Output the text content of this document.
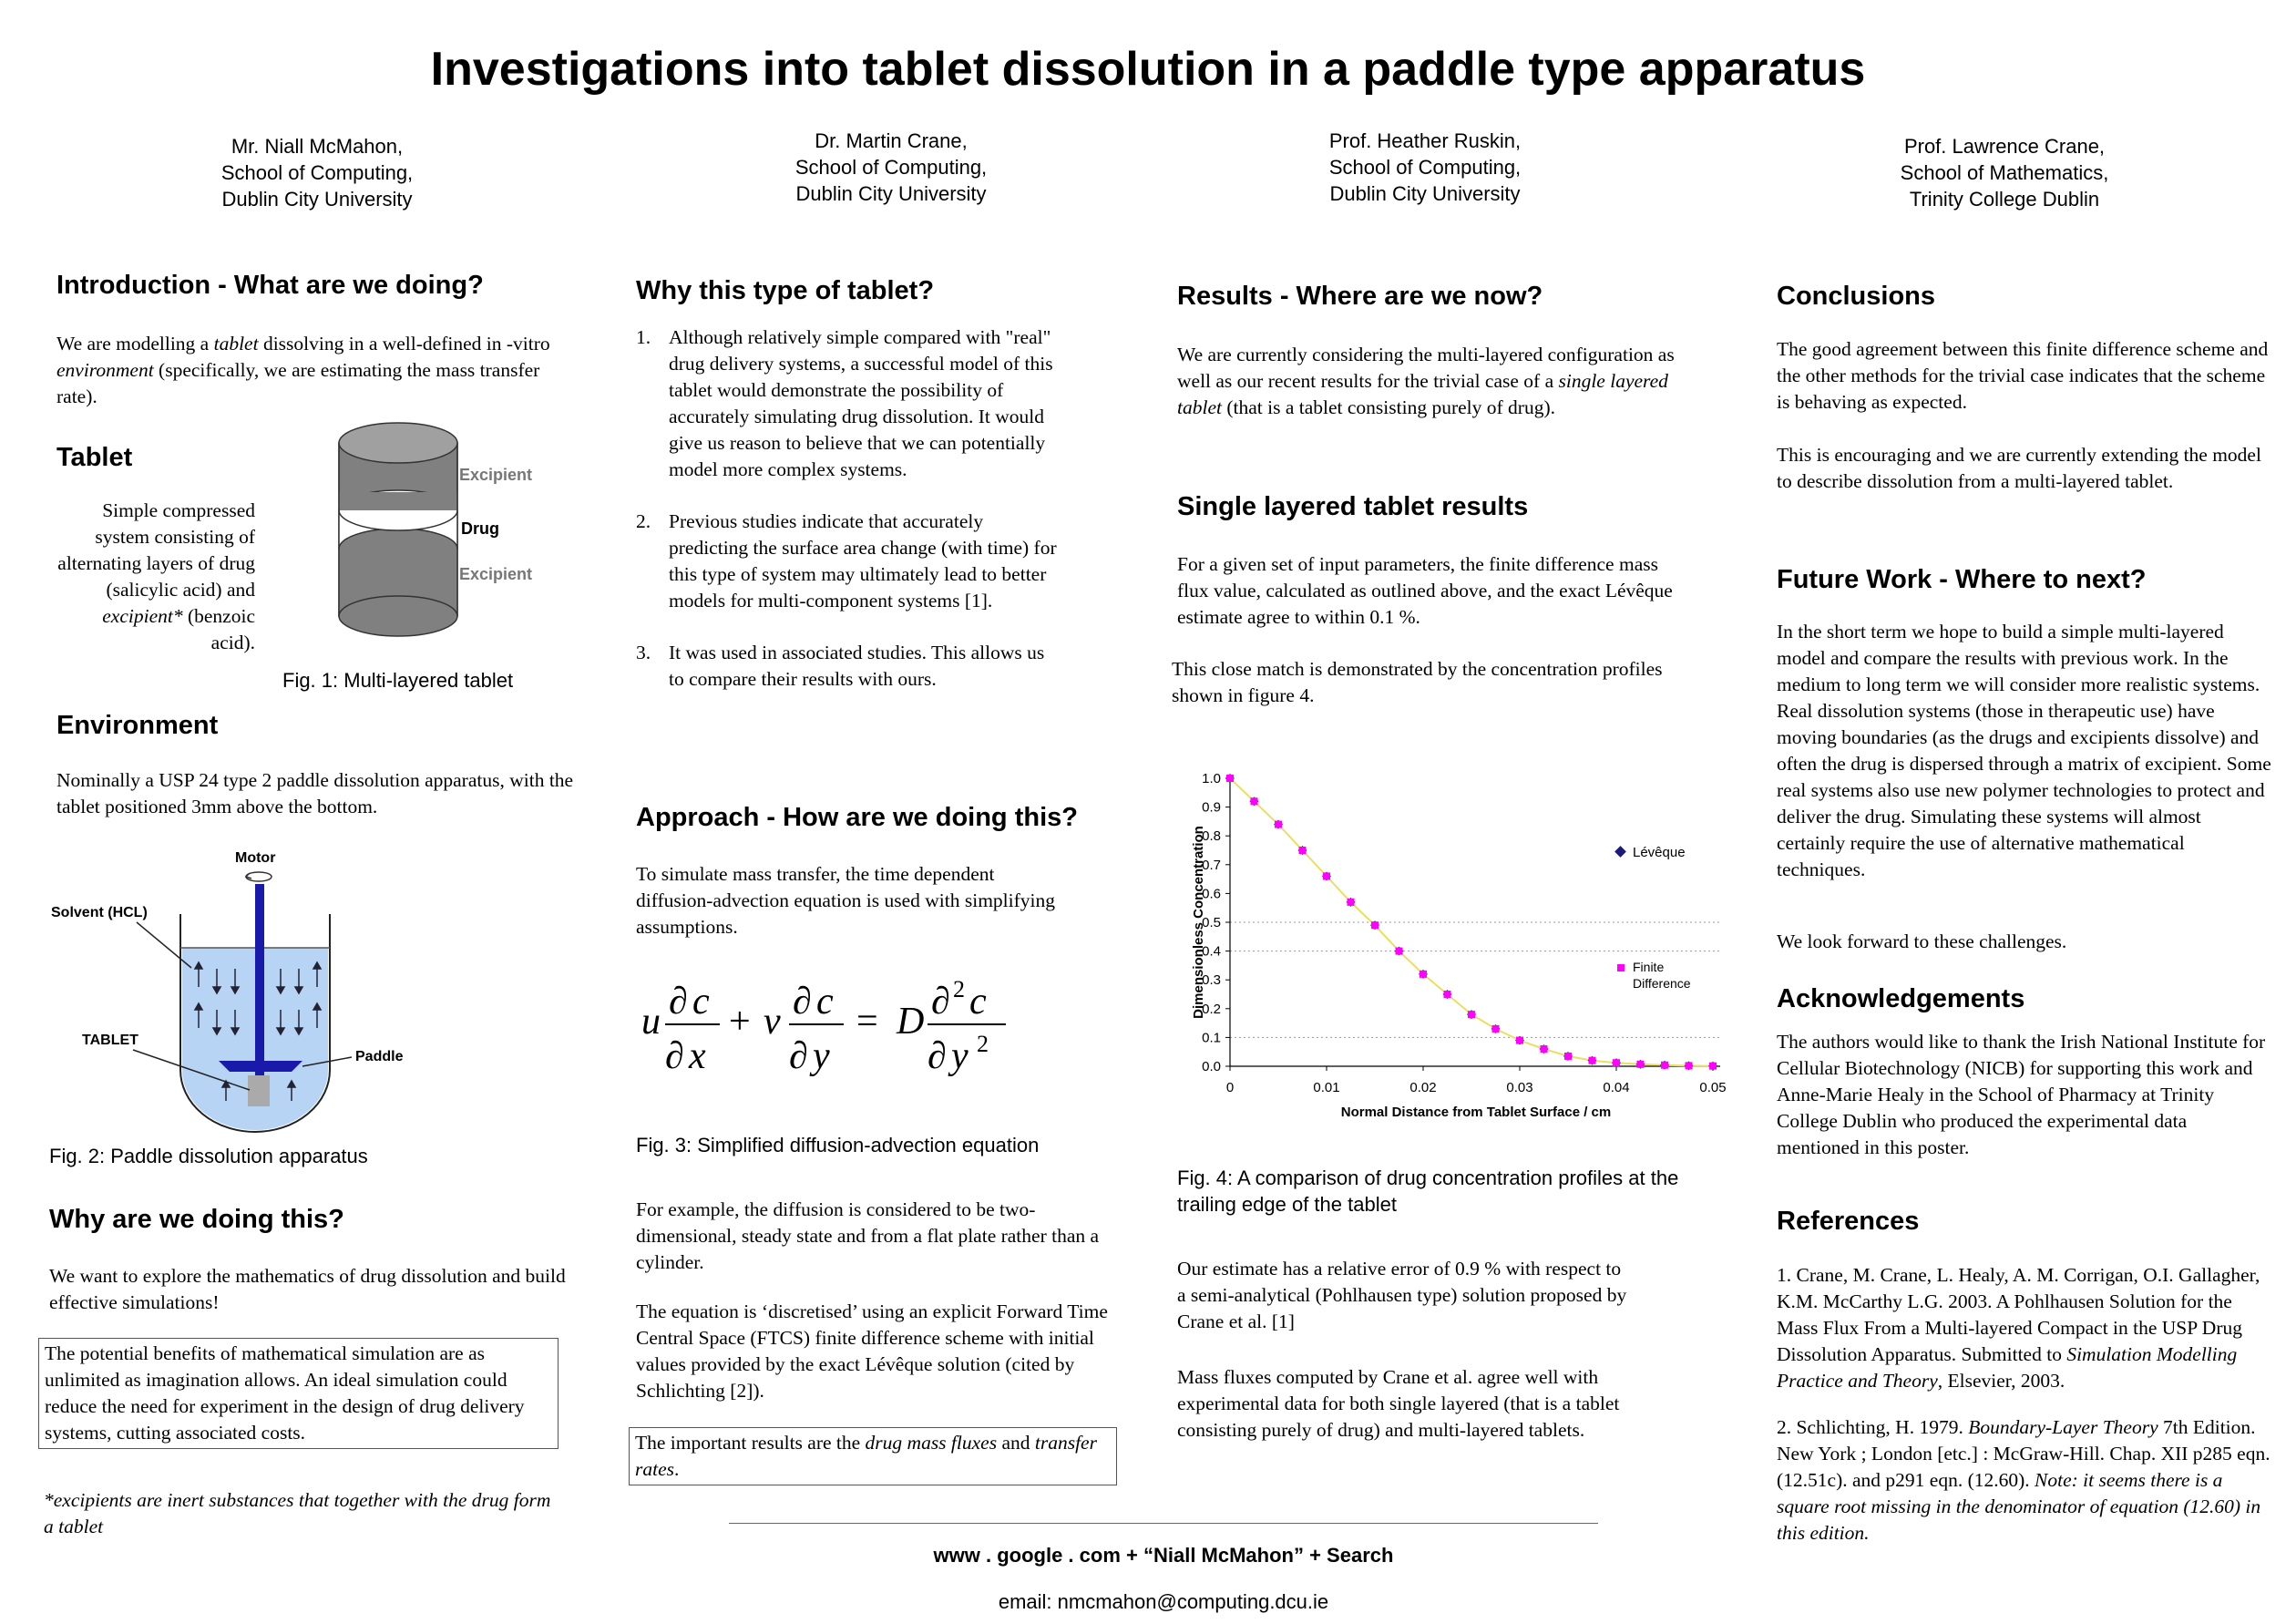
Investigations into tablet dissolution in a paddle type apparatus
Mr. Niall McMahon,
School of Computing,
Dublin City University
Dr. Martin Crane,
School of Computing,
Dublin City University
Prof. Heather Ruskin,
School of Computing,
Dublin City University
Prof. Lawrence Crane,
School of Mathematics,
Trinity College Dublin
Introduction - What are we doing?
We are modelling a tablet dissolving in a well-defined in -vitro environment (specifically, we are estimating the mass transfer rate).
Tablet
Simple compressed system consisting of alternating layers of drug (salicylic acid) and excipient* (benzoic acid).
Excipient
Drug
Excipient
Fig. 1: Multi-layered tablet
Environment
Nominally a USP 24 type 2 paddle dissolution apparatus, with the tablet positioned 3mm above the bottom.
Motor
Solvent (HCL)
TABLET
Paddle
Fig. 2: Paddle dissolution apparatus
Why are we doing this?
We want to explore the mathematics of drug dissolution and build effective simulations!
The potential benefits of mathematical simulation are as unlimited as imagination allows. An ideal simulation could reduce the need for experiment in the design of drug delivery systems, cutting associated costs.
*excipients are inert substances that together with the drug form a tablet
Why this type of tablet?
1. Although relatively simple compared with "real" drug delivery systems, a successful model of this tablet would demonstrate the possibility of accurately simulating drug dissolution. It would give us reason to believe that we can potentially model more complex systems.
2. Previous studies indicate that accurately predicting the surface area change (with time) for this type of system may ultimately lead to better models for multi-component systems [1].
3. It was used in associated studies. This allows us to compare their results with ours.
Approach - How are we doing this?
To simulate mass transfer, the time dependent diffusion-advection equation is used with simplifying assumptions.
u ∂ c
∂ x
+ v ∂ c
∂ y
= D ∂ 2 c
∂ y 2
Fig. 3: Simplified diffusion-advection equation
For example, the diffusion is considered to be two-dimensional, steady state and from a flat plate rather than a cylinder.
The equation is ‘discretised’ using an explicit Forward Time Central Space (FTCS) finite difference scheme with initial values provided by the exact Lévêque solution (cited by Schlichting [2]).
The important results are the drug mass fluxes and transfer rates.
Results - Where are we now?
We are currently considering the multi-layered configuration as well as our recent results for the trivial case of a single layered tablet (that is a tablet consisting purely of drug).
Single layered tablet results
For a given set of input parameters, the finite difference mass flux value, calculated as outlined above, and the exact Lévêque estimate agree to within 0.1 %.
This close match is demonstrated by the concentration profiles shown in figure 4.
0.0
0.1
0.2
0.3
0.4
0.5
0.6
0.7
0.8
0.9
1.0
0	0.01	0.02	0.03	0.04	0.05
Dimensionless Concentration
Normal Distance from Tablet Surface / cm
Lévêque
Finite
Difference
Fig. 4: A comparison of drug concentration profiles at the trailing edge of the tablet
Our estimate has a relative error of 0.9 % with respect to a semi-analytical (Pohlhausen type) solution proposed by Crane et al. [1]
Mass fluxes computed by Crane et al. agree well with experimental data for both single layered (that is a tablet consisting purely of drug) and multi-layered tablets.
Conclusions
The good agreement between this finite difference scheme and the other methods for the trivial case indicates that the scheme is behaving as expected.
This is encouraging and we are currently extending the model to describe dissolution from a multi-layered tablet.
Future Work - Where to next?
In the short term we hope to build a simple multi-layered model and compare the results with previous work. In the medium to long term we will consider more realistic systems. Real dissolution systems (those in therapeutic use) have moving boundaries (as the drugs and excipients dissolve) and often the drug is dispersed through a matrix of excipient. Some real systems also use new polymer technologies to protect and deliver the drug. Simulating these systems will almost certainly require the use of alternative mathematical techniques.
We look forward to these challenges.
Acknowledgements
The authors would like to thank the Irish National Institute for Cellular Biotechnology (NICB) for supporting this work and Anne-Marie Healy in the School of Pharmacy at Trinity College Dublin who produced the experimental data mentioned in this poster.
References
1. Crane, M. Crane, L. Healy, A. M. Corrigan, O.I. Gallagher, K.M. McCarthy L.G. 2003. A Pohlhausen Solution for the Mass Flux From a Multi-layered Compact in the USP Drug Dissolution Apparatus. Submitted to Simulation Modelling Practice and Theory, Elsevier, 2003.
2. Schlichting, H. 1979. Boundary-Layer Theory 7th Edition. New York ; London [etc.] : McGraw-Hill. Chap. XII p285 eqn. (12.51c). and p291 eqn. (12.60). Note: it seems there is a square root missing in the denominator of equation (12.60) in this edition.
www . google . com + “Niall McMahon” + Search
email: nmcmahon@computing.dcu.ie
